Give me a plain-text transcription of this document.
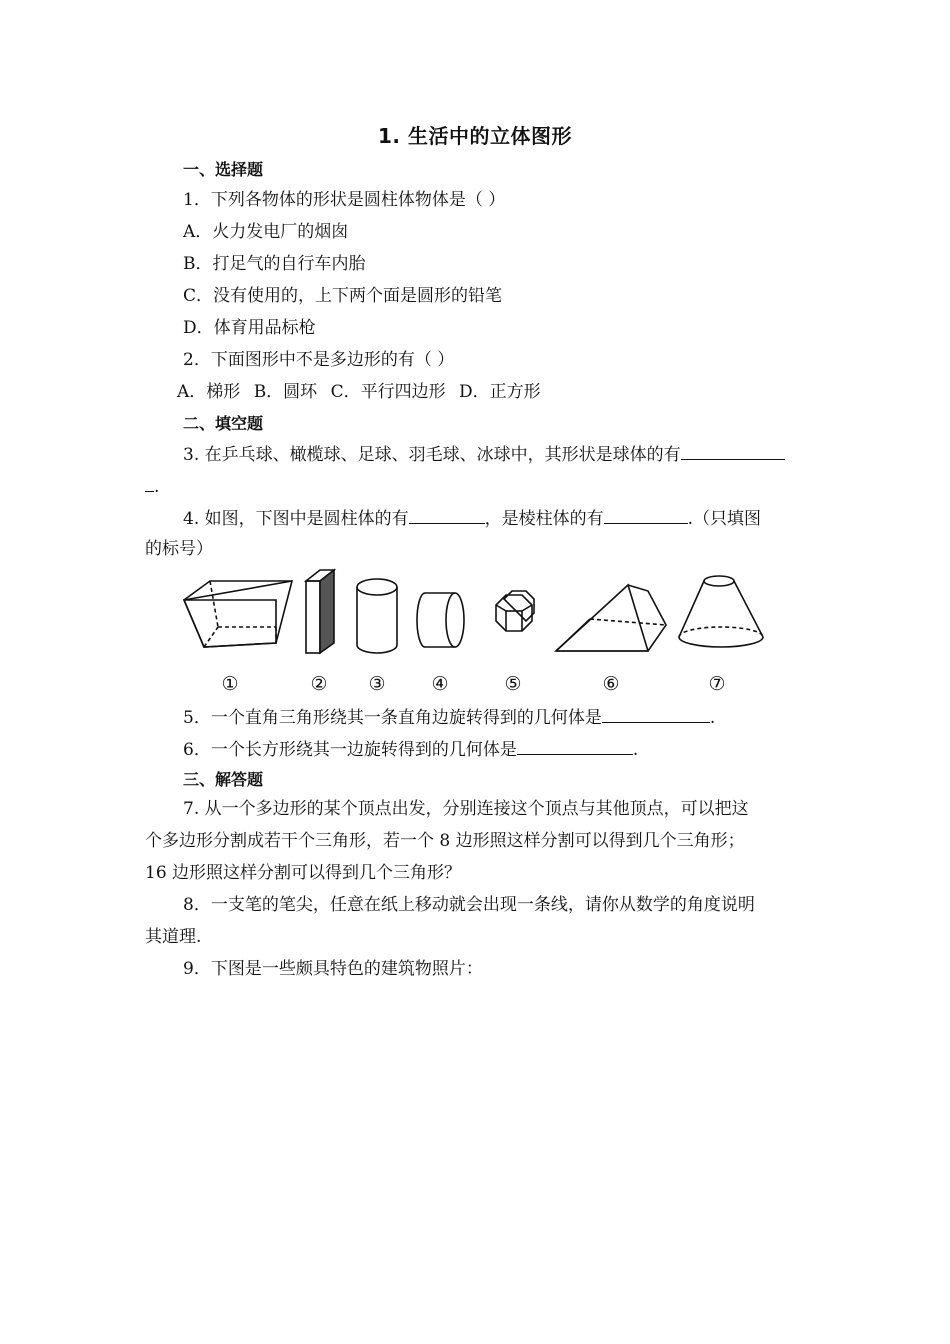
1. 生活中的立体图形
一、选择题
1．下列各物体的形状是圆柱体物体是（ ）
A．火力发电厂的烟囱
B．打足气的自行车内胎
C．没有使用的，上下两个面是圆形的铅笔
D．体育用品标枪
2．下面图形中不是多边形的有（ ）
A．梯形 B．圆环 C．平行四边形 D．正方形
二、填空题
3. 在乒乓球、橄榄球、足球、羽毛球、冰球中，其形状是球体的有
.
4. 如图，下图中是圆柱体的有	，是棱柱体的有	.（只填图
的标号）
①	② ③ ④	⑤	⑥	⑦
5．一个直角三角形绕其一条直角边旋转得到的几何体是	.
6．一个长方形绕其一边旋转得到的几何体是	.
三、解答题
7. 从一个多边形的某个顶点出发，分别连接这个顶点与其他顶点，可以把这
个多边形分割成若干个三角形，若一个 8 边形照这样分割可以得到几个三角形；
16 边形照这样分割可以得到几个三角形？
8．一支笔的笔尖，任意在纸上移动就会出现一条线，请你从数学的角度说明
其道理.
9．下图是一些颇具特色的建筑物照片：
